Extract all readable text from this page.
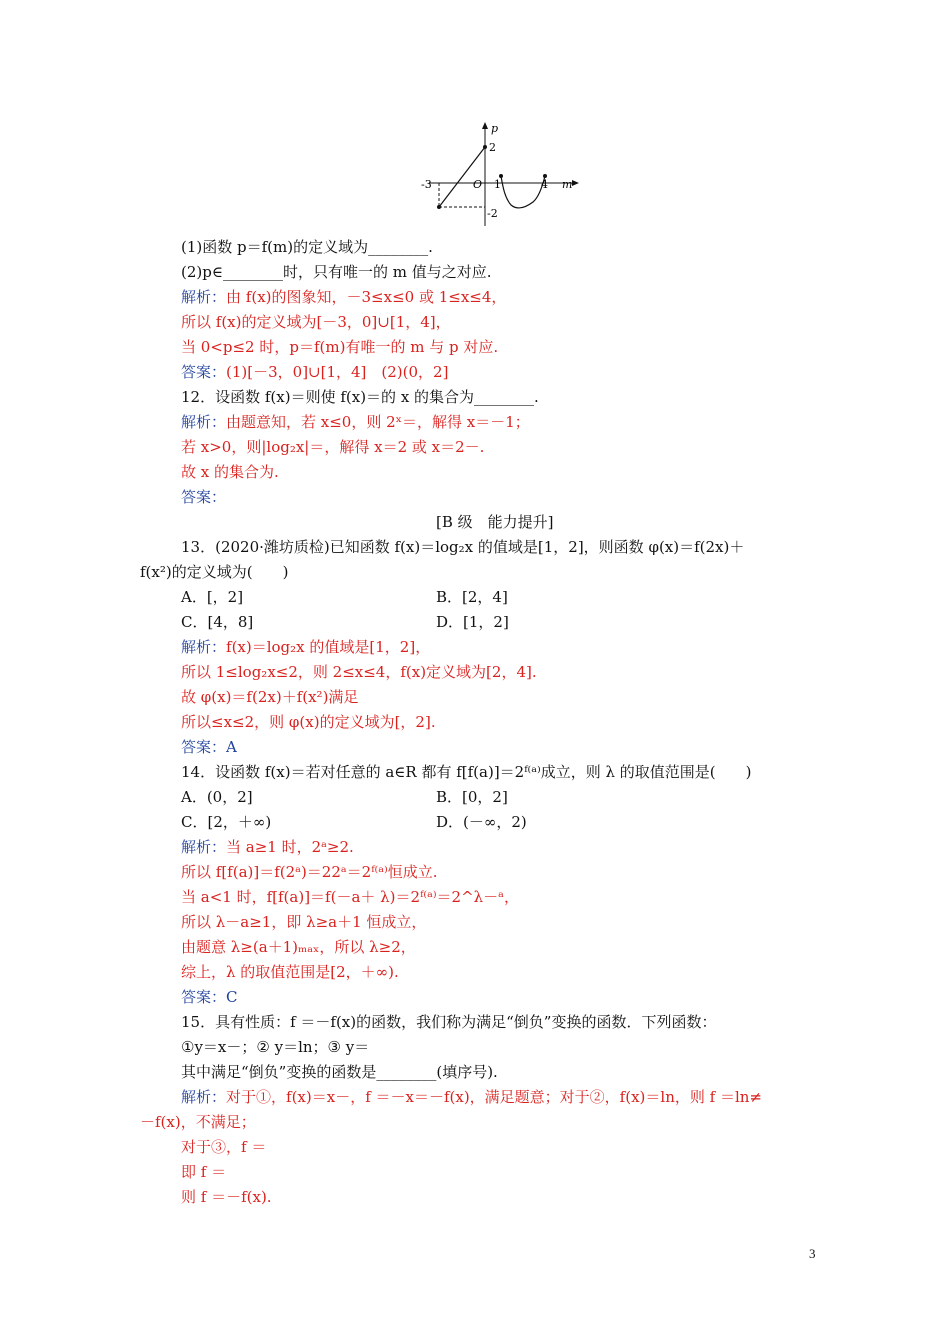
p
m
2
-3	O 1	4
-2
(1)函数 p＝f(m)的定义域为________.
(2)p∈________时，只有唯一的 m 值与之对应.
解析：由 f(x)的图象知，－3≤x≤0 或 1≤x≤4，
所以 f(x)的定义域为[－3，0]∪[1，4]，
当 0<p≤2 时，p＝f(m)有唯一的 m 与 p 对应.
答案：(1)[－3，0]∪[1，4]　(2)(0，2]
12．设函数 f(x)＝则使 f(x)＝的 x 的集合为________.
解析：由题意知，若 x≤0，则 2ˣ＝，解得 x＝－1；
若 x>0，则|log₂x|＝，解得 x＝2 或 x＝2－.
故 x 的集合为.
答案：
[B 级　能力提升]
13．(2020·潍坊质检)已知函数 f(x)＝log₂x 的值域是[1，2]，则函数 φ(x)＝f(2x)＋
f(x²)的定义域为(　　)
A．[，2]	B．[2，4]
C．[4，8]	D．[1，2]
解析：f(x)＝log₂x 的值域是[1，2]，
所以 1≤log₂x≤2，则 2≤x≤4，f(x)定义域为[2，4].
故 φ(x)＝f(2x)＋f(x²)满足
所以≤x≤2，则 φ(x)的定义域为[，2].
答案：A
14．设函数 f(x)＝若对任意的 a∈R 都有 f[f(a)]＝2ᶠ⁽ᵃ⁾成立，则 λ 的取值范围是(　　)
A．(0，2]	B．[0，2]
C．[2，＋∞)	D．(－∞，2)
解析：当 a≥1 时，2ᵃ≥2.
所以 f[f(a)]＝f(2ᵃ)＝22ᵃ＝2ᶠ⁽ᵃ⁾恒成立.
当 a<1 时，f[f(a)]＝f(－a＋ λ)＝2ᶠ⁽ᵃ⁾＝2^λ－ᵃ，
所以 λ－a≥1，即 λ≥a＋1 恒成立，
由题意 λ≥(a＋1)ₘₐₓ，所以 λ≥2，
综上，λ 的取值范围是[2，＋∞).
答案：C
15．具有性质：f ＝－f(x)的函数，我们称为满足“倒负”变换的函数．下列函数：
①y＝x－；② y＝ln；③ y＝
其中满足“倒负”变换的函数是________(填序号).
解析：对于①，f(x)＝x－，f ＝－x＝－f(x)，满足题意；对于②，f(x)＝ln，则 f ＝ln≠
－f(x)，不满足；
对于③，f ＝
即 f ＝
则 f ＝－f(x).
3
